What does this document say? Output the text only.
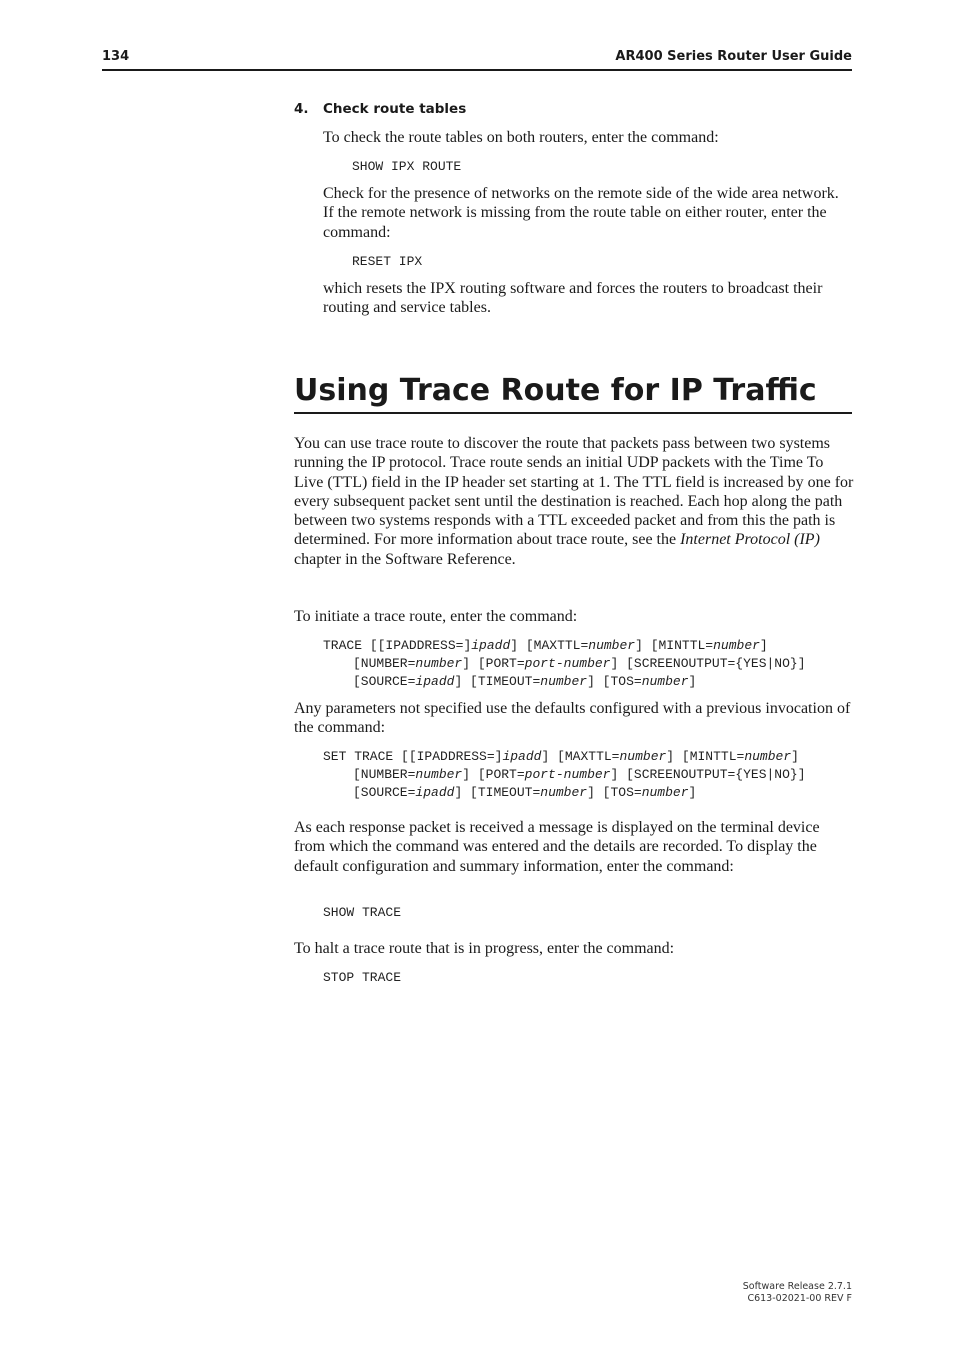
134	AR400 Series Router User Guide
4. Check route tables

To check the route tables on both routers, enter the command:

SHOW IPX ROUTE

Check for the presence of networks on the remote side of the wide area network. If the remote network is missing from the route table on either router, enter the command:

RESET IPX

which resets the IPX routing software and forces the routers to broadcast their routing and service tables.

Using Trace Route for IP Traffic

You can use trace route to discover the route that packets pass between two systems running the IP protocol. Trace route sends an initial UDP packets with the Time To Live (TTL) field in the IP header set starting at 1. The TTL field is increased by one for every subsequent packet sent until the destination is reached. Each hop along the path between two systems responds with a TTL exceeded packet and from this the path is determined. For more information about trace route, see the Internet Protocol (IP) chapter in the Software Reference.

To initiate a trace route, enter the command:

TRACE [[IPADDRESS=]ipadd] [MAXTTL=number] [MINTTL=number]
[NUMBER=number] [PORT=port-number] [SCREENOUTPUT={YES|NO}]
[SOURCE=ipadd] [TIMEOUT=number] [TOS=number]

Any parameters not specified use the defaults configured with a previous invocation of the command:

SET TRACE [[IPADDRESS=]ipadd] [MAXTTL=number] [MINTTL=number]
[NUMBER=number] [PORT=port-number] [SCREENOUTPUT={YES|NO}]
[SOURCE=ipadd] [TIMEOUT=number] [TOS=number]

As each response packet is received a message is displayed on the terminal device from which the command was entered and the details are recorded. To display the default configuration and summary information, enter the command:

SHOW TRACE

To halt a trace route that is in progress, enter the command:

STOP TRACE
Software Release 2.7.1
C613-02021-00 REV F
